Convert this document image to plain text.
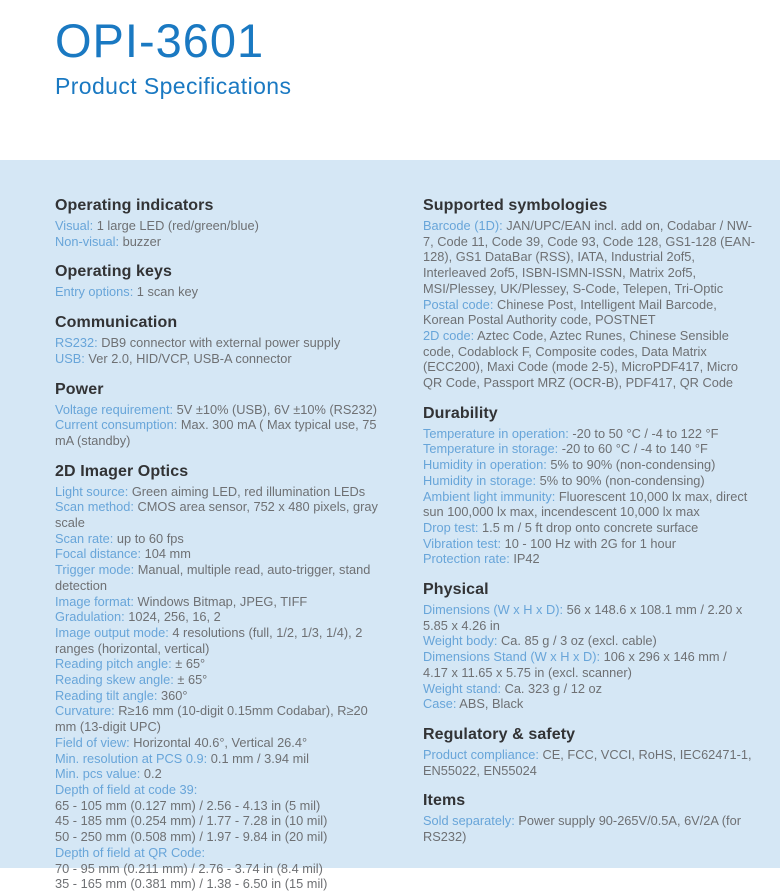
OPI-3601
Product Specifications
Operating indicators

Visual: 1 large LED (red/green/blue)

Non-visual: buzzer

Operating keys

Entry options: 1 scan key

Communication

RS232: DB9 connector with external power supply

USB: Ver 2.0, HID/VCP, USB-A connector

Power

Voltage requirement: 5V ±10% (USB), 6V ±10% (RS232)

Current consumption: Max. 300 mA ( Max typical use, 75 mA (standby)

2D Imager Optics

Light source: Green aiming LED, red illumination LEDs

Scan method: CMOS area sensor, 752 x 480 pixels, gray scale

Scan rate: up to 60 fps

Focal distance: 104 mm

Trigger mode: Manual, multiple read, auto-trigger, stand detection

Image format: Windows Bitmap, JPEG, TIFF

Gradulation: 1024, 256, 16, 2

Image output mode: 4 resolutions (full, 1/2, 1/3, 1/4), 2 ranges (horizontal, vertical)

Reading pitch angle: ± 65°

Reading skew angle: ± 65°

Reading tilt angle: 360°

Curvature: R≥16 mm (10-digit 0.15mm Codabar), R≥20 mm (13-digit UPC)

Field of view: Horizontal 40.6°, Vertical 26.4°

Min. resolution at PCS 0.9: 0.1 mm / 3.94 mil

Min. pcs value: 0.2

Depth of field at code 39:

65 - 105 mm (0.127 mm) / 2.56 - 4.13 in (5 mil)

45 - 185 mm (0.254 mm) / 1.77 - 7.28 in (10 mil)

50 - 250 mm (0.508 mm) / 1.97 - 9.84 in (20 mil)

Depth of field at QR Code:

70 - 95 mm (0.211 mm) / 2.76 - 3.74 in (8.4 mil)

35 - 165 mm (0.381 mm) / 1.38 - 6.50 in (15 mil)

Supported symbologies

Barcode (1D): JAN/UPC/EAN incl. add on, Codabar / NW-7, Code 11, Code 39, Code 93, Code 128, GS1-128 (EAN-128), GS1 DataBar (RSS), IATA, Industrial 2of5, Interleaved 2of5, ISBN-ISMN-ISSN, Matrix 2of5, MSI/Plessey, UK/Plessey, S-Code, Telepen, Tri-Optic

Postal code: Chinese Post, Intelligent Mail Barcode, Korean Postal Authority code, POSTNET

2D code: Aztec Code, Aztec Runes, Chinese Sensible code, Codablock F, Composite codes, Data Matrix (ECC200), Maxi Code (mode 2-5), MicroPDF417, Micro QR Code, Passport MRZ (OCR-B), PDF417, QR Code

Durability

Temperature in operation: -20 to 50 °C / -4 to 122 °F

Temperature in storage: -20 to 60 °C / -4 to 140 °F

Humidity in operation: 5% to 90% (non-condensing)

Humidity in storage: 5% to 90% (non-condensing)

Ambient light immunity: Fluorescent 10,000 lx max, direct sun 100,000 lx max, incendescent 10,000 lx max

Drop test: 1.5 m / 5 ft drop onto concrete surface

Vibration test: 10 - 100 Hz with 2G for 1 hour

Protection rate: IP42

Physical

Dimensions (W x H x D): 56 x 148.6 x 108.1 mm / 2.20 x 5.85 x 4.26 in

Weight body: Ca. 85 g / 3 oz (excl. cable)

Dimensions Stand (W x H x D): 106 x 296 x 146 mm / 4.17 x 11.65 x 5.75 in (excl. scanner)

Weight stand: Ca. 323 g / 12 oz

Case: ABS, Black

Regulatory & safety

Product compliance: CE, FCC, VCCI, RoHS, IEC62471-1, EN55022, EN55024

Items

Sold separately: Power supply 90-265V/0.5A, 6V/2A (for RS232)
